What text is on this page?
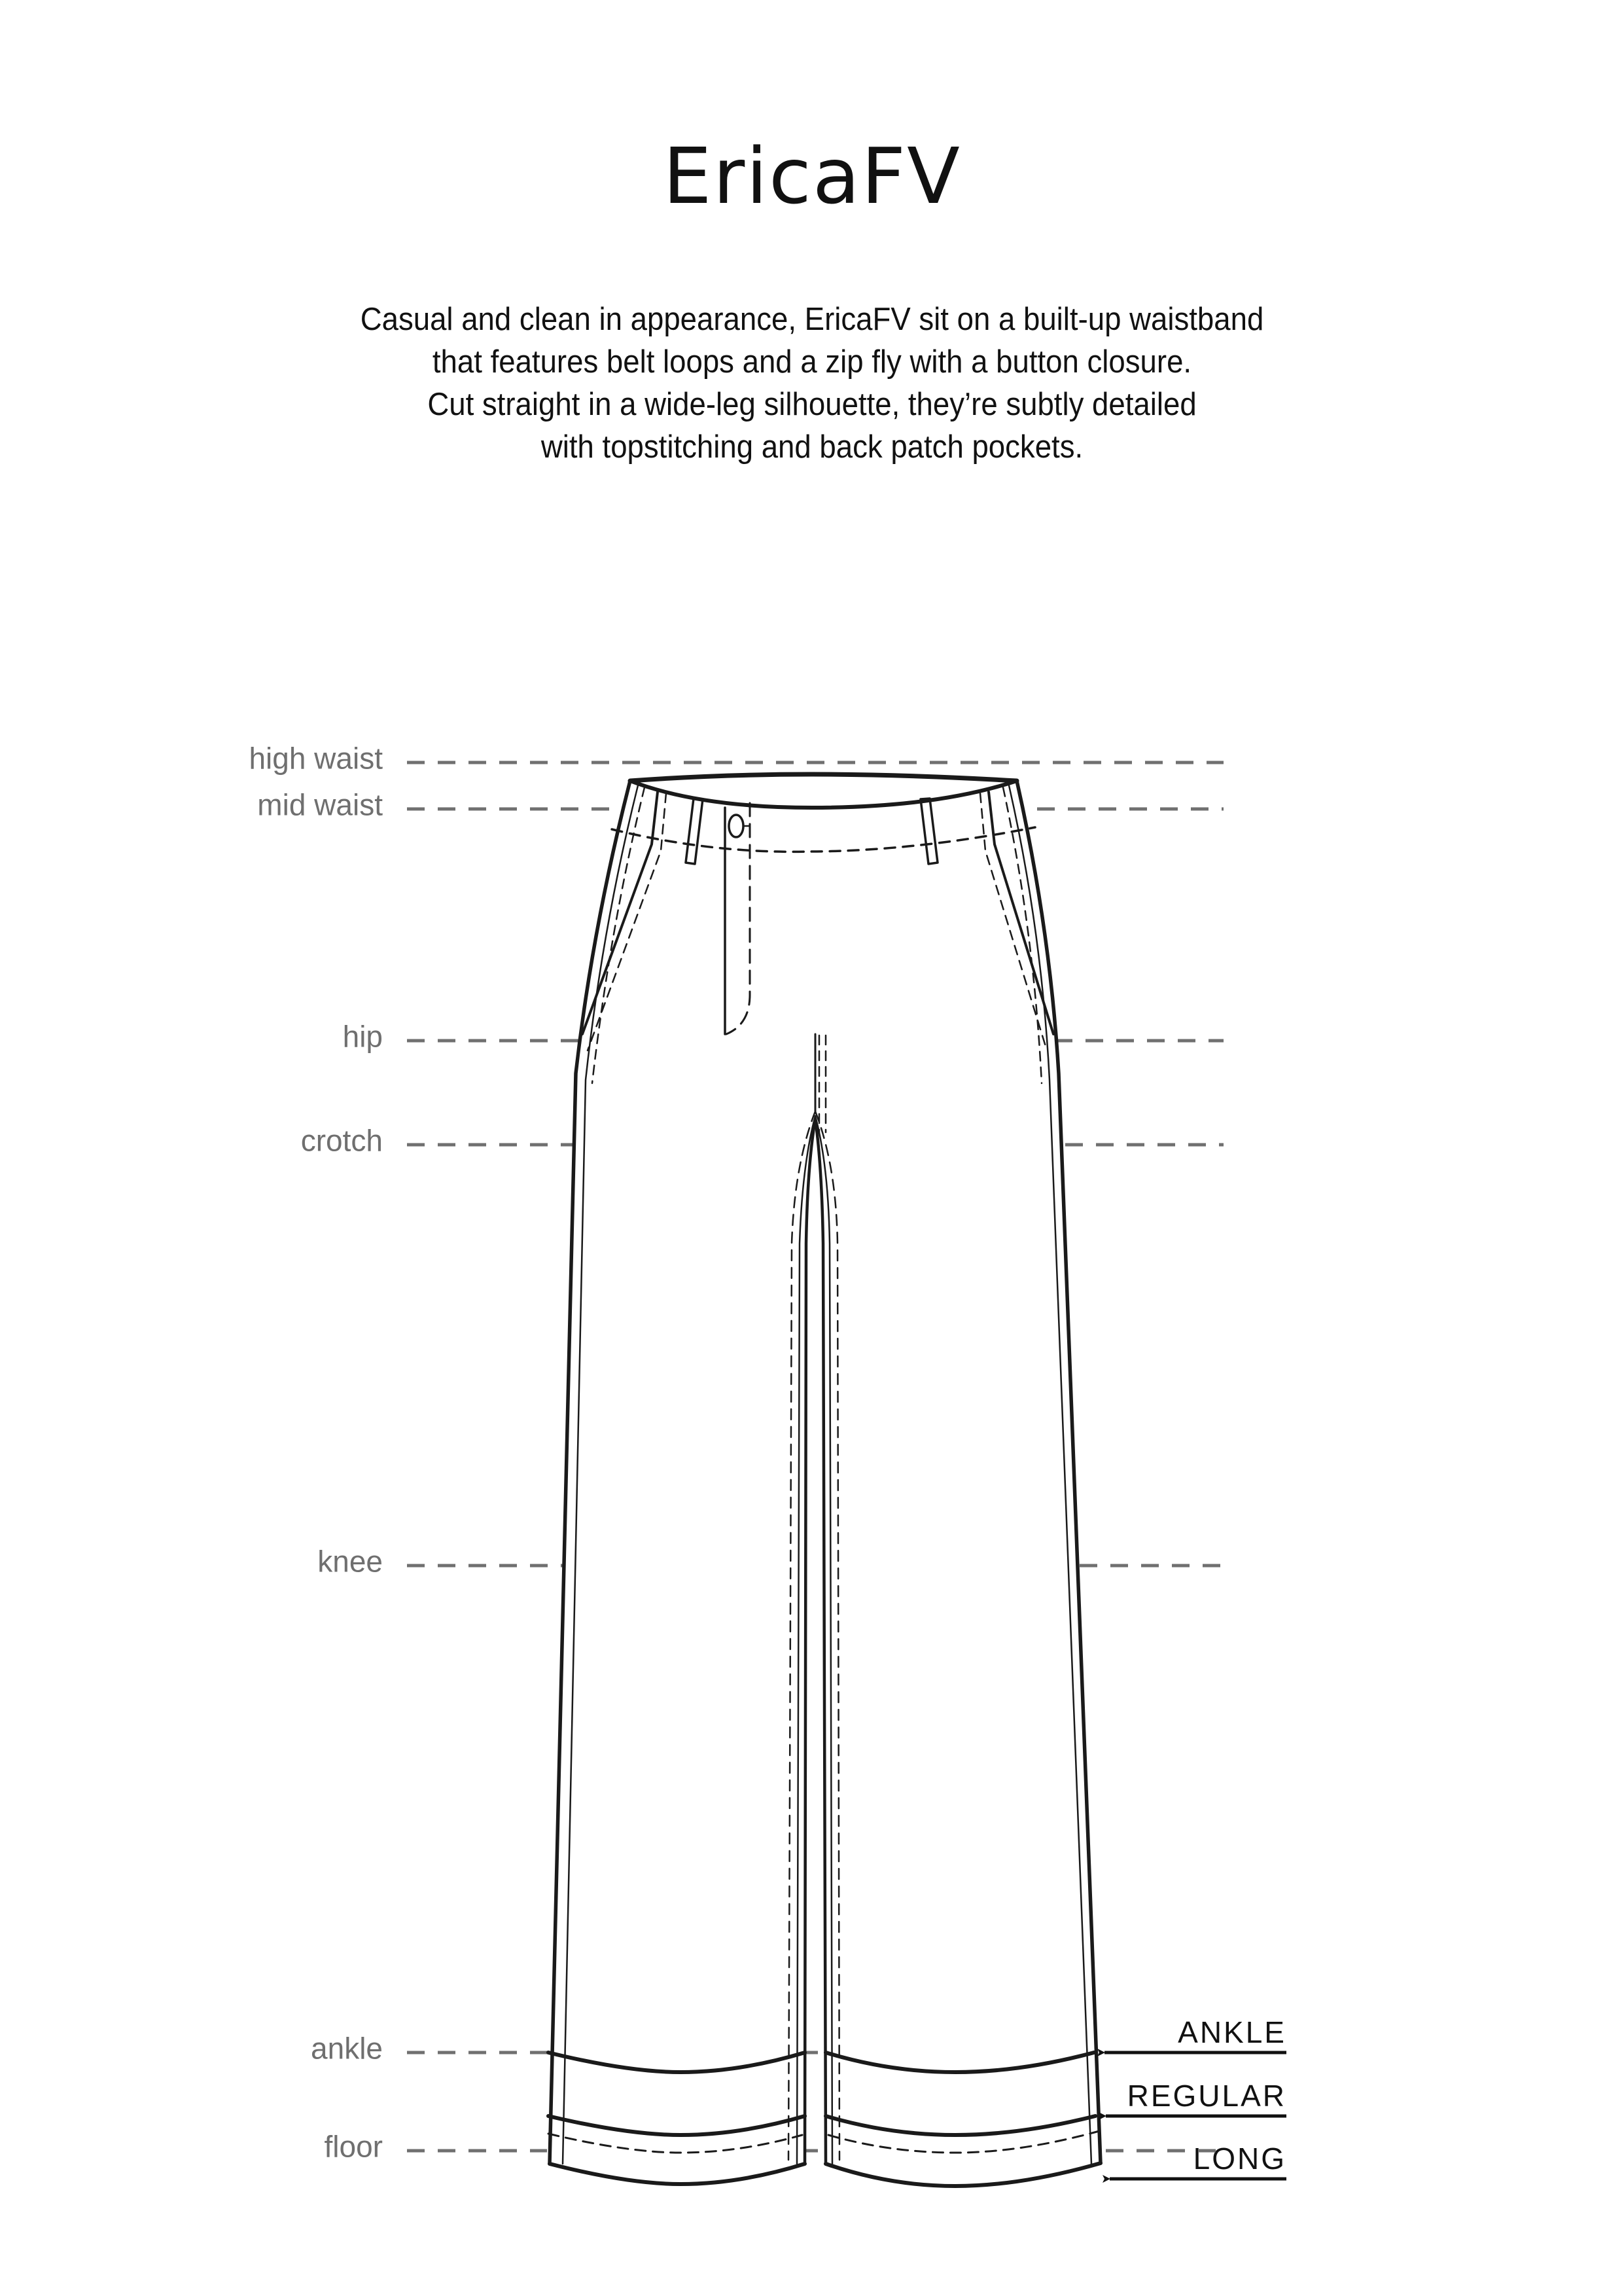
EricaFV
Casual and clean in appearance, EricaFV sit on a built-up waistband
that features belt loops and a zip fly with a button closure.
Cut straight in a wide-leg silhouette, they’re subtly detailed
with topstitching and back patch pockets.
high waist
mid waist
hip
crotch
knee
ankle
floor
ANKLE
REGULAR
LONG
